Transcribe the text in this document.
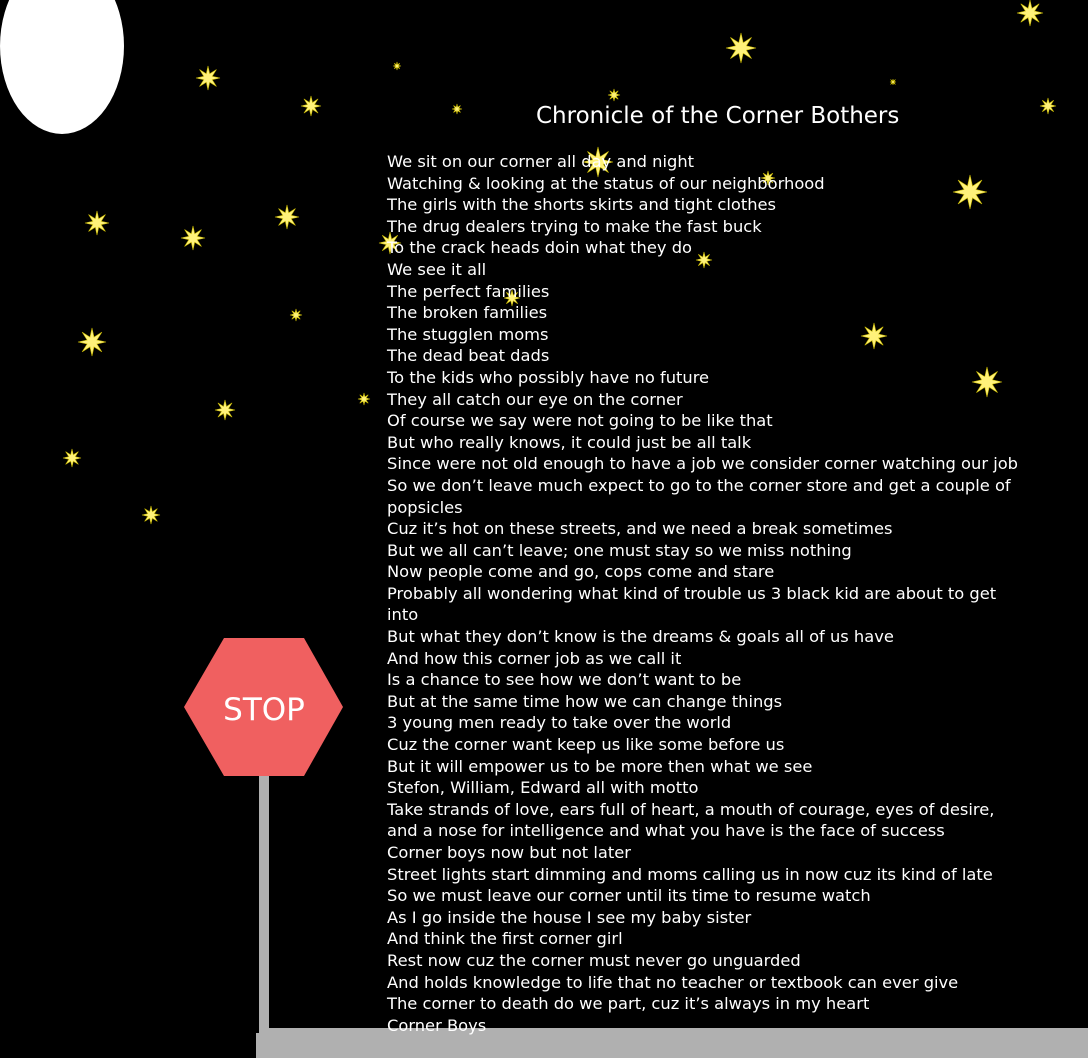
Chronicle of the Corner Bothers
We sit on our corner all day and night
Watching & looking at the status of our neighborhood
The girls with the shorts skirts and tight clothes
The drug dealers trying to make the fast buck
To the crack heads doin what they do
We see it all
The perfect families
The broken families
The stugglen moms
The dead beat dads
To the kids who possibly have no future
They all catch our eye on the corner
Of course we say were not going to be like that
But who really knows, it could just be all talk
Since were not old enough to have a job we consider corner watching our job
So we don’t leave much expect to go to the corner store and get a couple of popsicles
Cuz it’s hot on these streets, and we need a break sometimes
But we all can’t leave; one must stay so we miss nothing
Now people come and go, cops come and stare
Probably all wondering what kind of trouble us 3 black kid are about to get into
But what they don’t know is the dreams & goals all of us have
And how this corner job as we call it
Is a chance to see how we don’t want to be
But at the same time how we can change things
3 young men ready to take over the world
Cuz the corner want keep us like some before us
But it will empower us to be more then what we see
Stefon, William, Edward all with motto
Take strands of love, ears full of heart, a mouth of courage, eyes of desire, and a nose for intelligence and what you have is the face of success
Corner boys now but not later
Street lights start dimming and moms calling us in now cuz its kind of late
So we must leave our corner until its time to resume watch
As I go inside the house I see my baby sister
And think the first corner girl
Rest now cuz the corner must never go unguarded
And holds knowledge to life that no teacher or textbook can ever give
The corner to death do we part, cuz it’s always in my heart
Corner Boys
STOP
